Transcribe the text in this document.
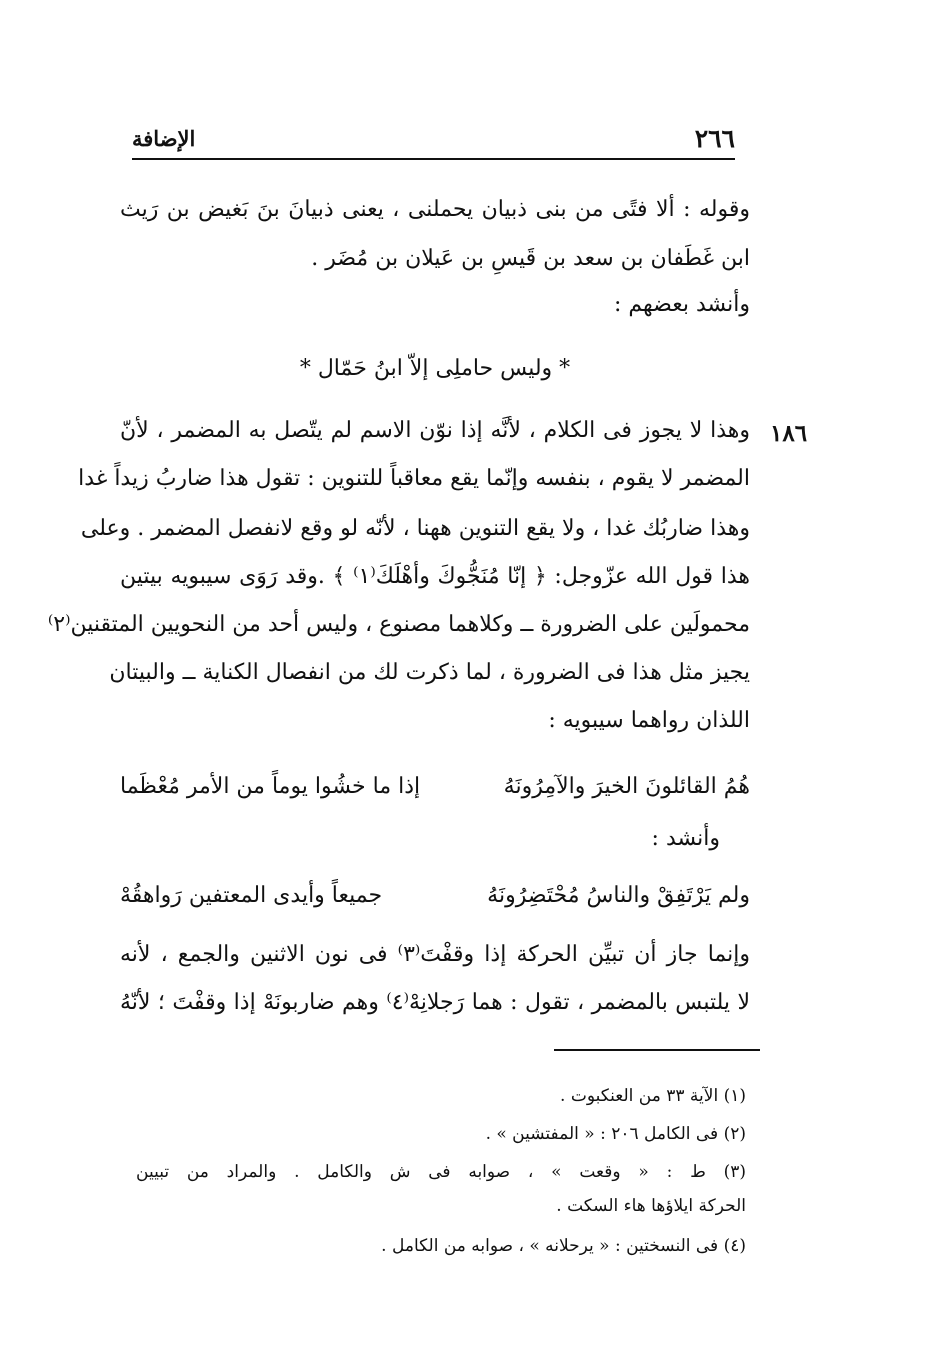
٢٦٦
الإضافة
وقوله : ألا فتًى من بنى ذبيان يحملنى ، يعنى ذبيانَ بنَ بَغيض بن رَيث
ابن غَطَفان بن سعد بن قَيسِ بن عَيلان بن مُضَر .
وأنشد بعضهم :
* وليس حاملِى إلاّ ابنُ حَمّال *
١٨٦
وهذا لا يجوز فى الكلام ، لأنَّه إذا نوّن الاسم لم يتّصل به المضمر ، لأنّ
المضمر لا يقوم ، بنفسه وإنّما يقع معاقباً للتنوين : تقول هذا ضاربُ زيداً غدا
وهذا ضاربُك غدا ، ولا يقع التنوين ههنا ، لأنّه لو وقع لانفصل المضمر . وعلى
هذا قول الله عزّوجل: ﴿ إنّا مُنَجُّوكَ وأهْلَكَ⁽١⁾ ﴾ .وقد رَوَى سيبويه بيتين
محمولَين على الضرورة ــ وكلاهما مصنوع ، وليس أحد من النحويين المتقنين⁽٢⁾
يجيز مثل هذا فى الضرورة ، لما ذكرت لك من انفصال الكناية ــ والبيتان
اللذان رواهما سيبويه :
هُمُ القائلونَ الخيرَ والآمِرُونَهُ
إذا ما خشُوا يوماً من الأمر مُعْظَما
وأنشد :
ولم يَرْتَفِقْ والناسُ مُحْتَضِرُونَهُ
جميعاً وأيدى المعتفين رَواهقُهْ
وإنما جاز أن تبيِّن الحركة إذا وقفْتَ⁽٣⁾ فى نون الاثنين والجمع ، لأنه
لا يلتبس بالمضمر ، تقول : هما رَجلانِهْ⁽٤⁾ وهم ضاربونَهْ إذا وقفْتَ ؛ لأنّهُ
(١) الآية ٣٣ من العنكبوت .
(٢) فى الكامل ٢٠٦ : « المفتشين » .
(٣) ط : « وقعت » ، صوابه فى ش والكامل . والمراد من تبيين
الحركة ايلاؤها هاء السكت .
(٤) فى النسختين : « يرحلانه » ، صوابه من الكامل .
